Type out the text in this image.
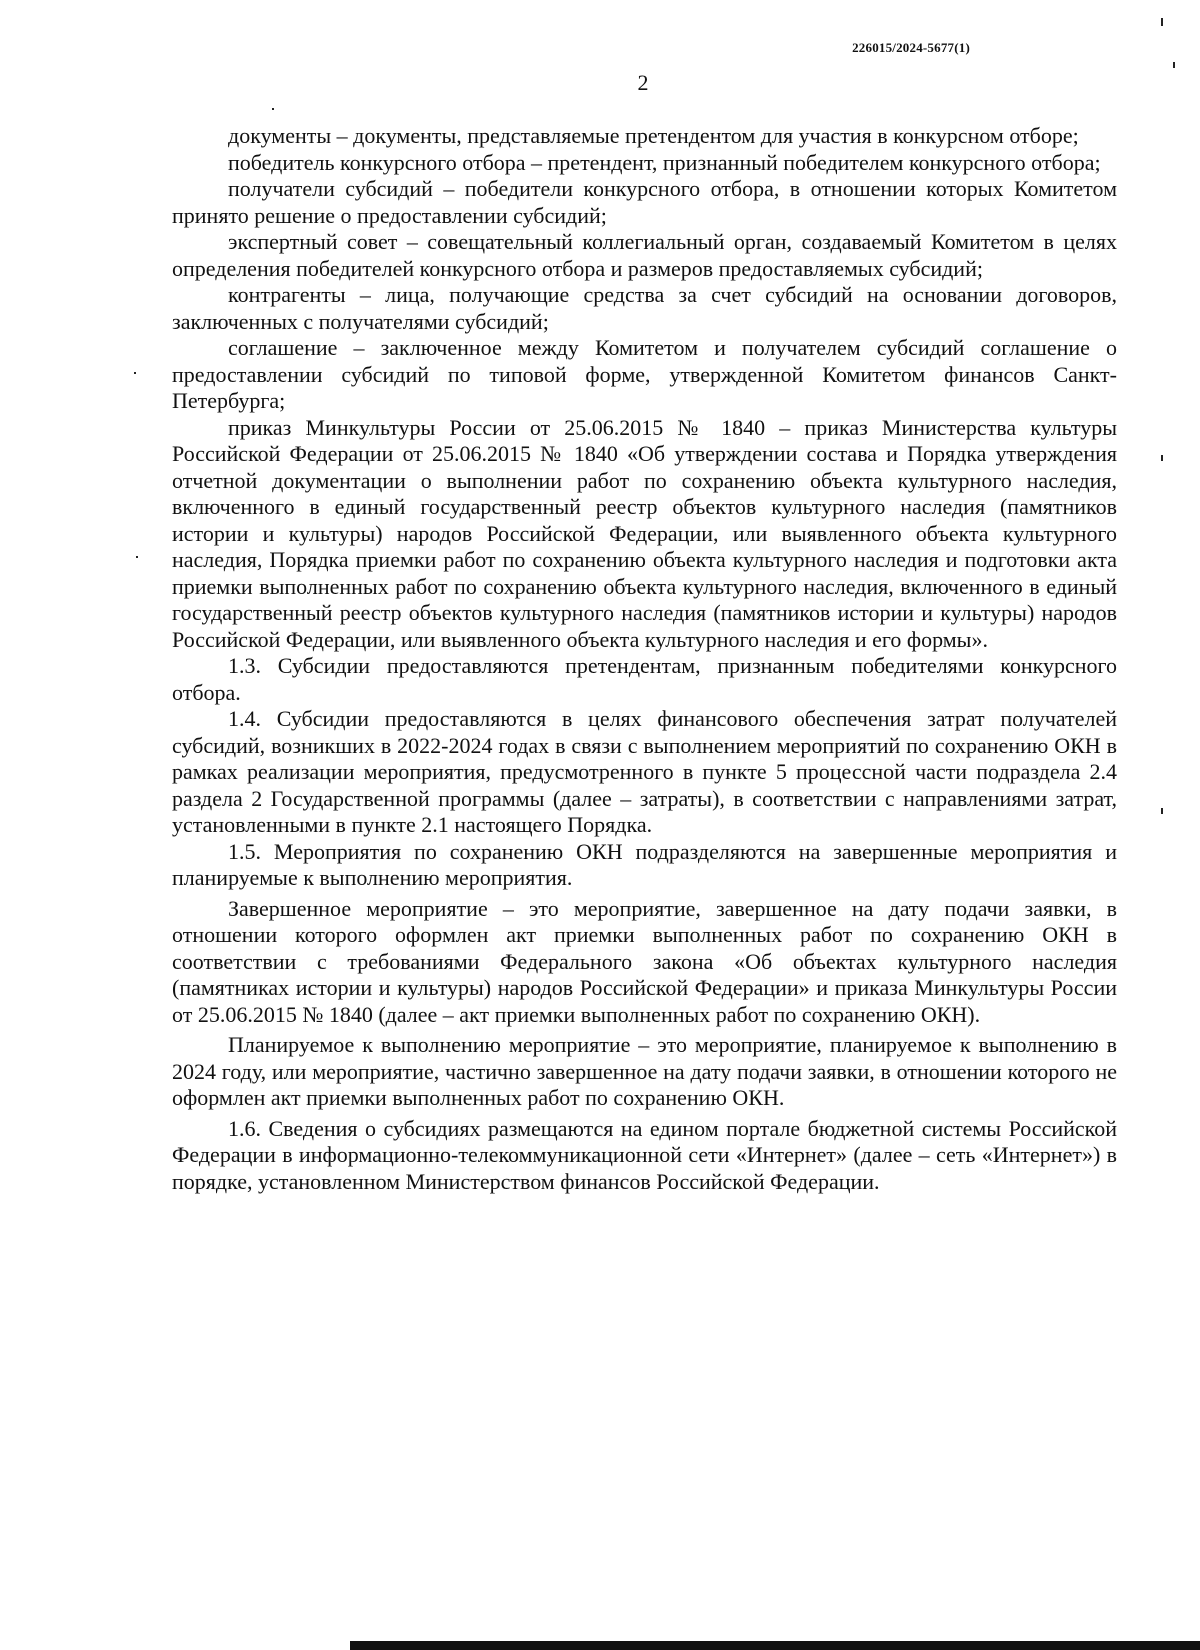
226015/2024-5677(1)
2

документы – документы, представляемые претендентом для участия в конкурсном отборе;

победитель конкурсного отбора – претендент, признанный победителем конкурсного отбора;

получатели субсидий – победители конкурсного отбора, в отношении которых Комитетом принято решение о предоставлении субсидий;

экспертный совет – совещательный коллегиальный орган, создаваемый Комитетом в целях определения победителей конкурсного отбора и размеров предоставляемых субсидий;

контрагенты – лица, получающие средства за счет субсидий на основании договоров, заключенных с получателями субсидий;

соглашение – заключенное между Комитетом и получателем субсидий соглашение о предоставлении субсидий по типовой форме, утвержденной Комитетом финансов Санкт-Петербурга;

приказ Минкультуры России от 25.06.2015 № 1840 – приказ Министерства культуры Российской Федерации от 25.06.2015 № 1840 «Об утверждении состава и Порядка утверждения отчетной документации о выполнении работ по сохранению объекта культурного наследия, включенного в единый государственный реестр объектов культурного наследия (памятников истории и культуры) народов Российской Федерации, или выявленного объекта культурного наследия, Порядка приемки работ по сохранению объекта культурного наследия и подготовки акта приемки выполненных работ по сохранению объекта культурного наследия, включенного в единый государственный реестр объектов культурного наследия (памятников истории и культуры) народов Российской Федерации, или выявленного объекта культурного наследия и его формы».

1.3. Субсидии предоставляются претендентам, признанным победителями конкурсного отбора.

1.4. Субсидии предоставляются в целях финансового обеспечения затрат получателей субсидий, возникших в 2022-2024 годах в связи с выполнением мероприятий по сохранению ОКН в рамках реализации мероприятия, предусмотренного в пункте 5 процессной части подраздела 2.4 раздела 2 Государственной программы (далее – затраты), в соответствии с направлениями затрат, установленными в пункте 2.1 настоящего Порядка.

1.5. Мероприятия по сохранению ОКН подразделяются на завершенные мероприятия и планируемые к выполнению мероприятия.

Завершенное мероприятие – это мероприятие, завершенное на дату подачи заявки, в отношении которого оформлен акт приемки выполненных работ по сохранению ОКН в соответствии с требованиями Федерального закона «Об объектах культурного наследия (памятниках истории и культуры) народов Российской Федерации» и приказа Минкультуры России от 25.06.2015 № 1840 (далее – акт приемки выполненных работ по сохранению ОКН).

Планируемое к выполнению мероприятие – это мероприятие, планируемое к выполнению в 2024 году, или мероприятие, частично завершенное на дату подачи заявки, в отношении которого не оформлен акт приемки выполненных работ по сохранению ОКН.

1.6. Сведения о субсидиях размещаются на едином портале бюджетной системы Российской Федерации в информационно-телекоммуникационной сети «Интернет» (далее – сеть «Интернет») в порядке, установленном Министерством финансов Российской Федерации.
